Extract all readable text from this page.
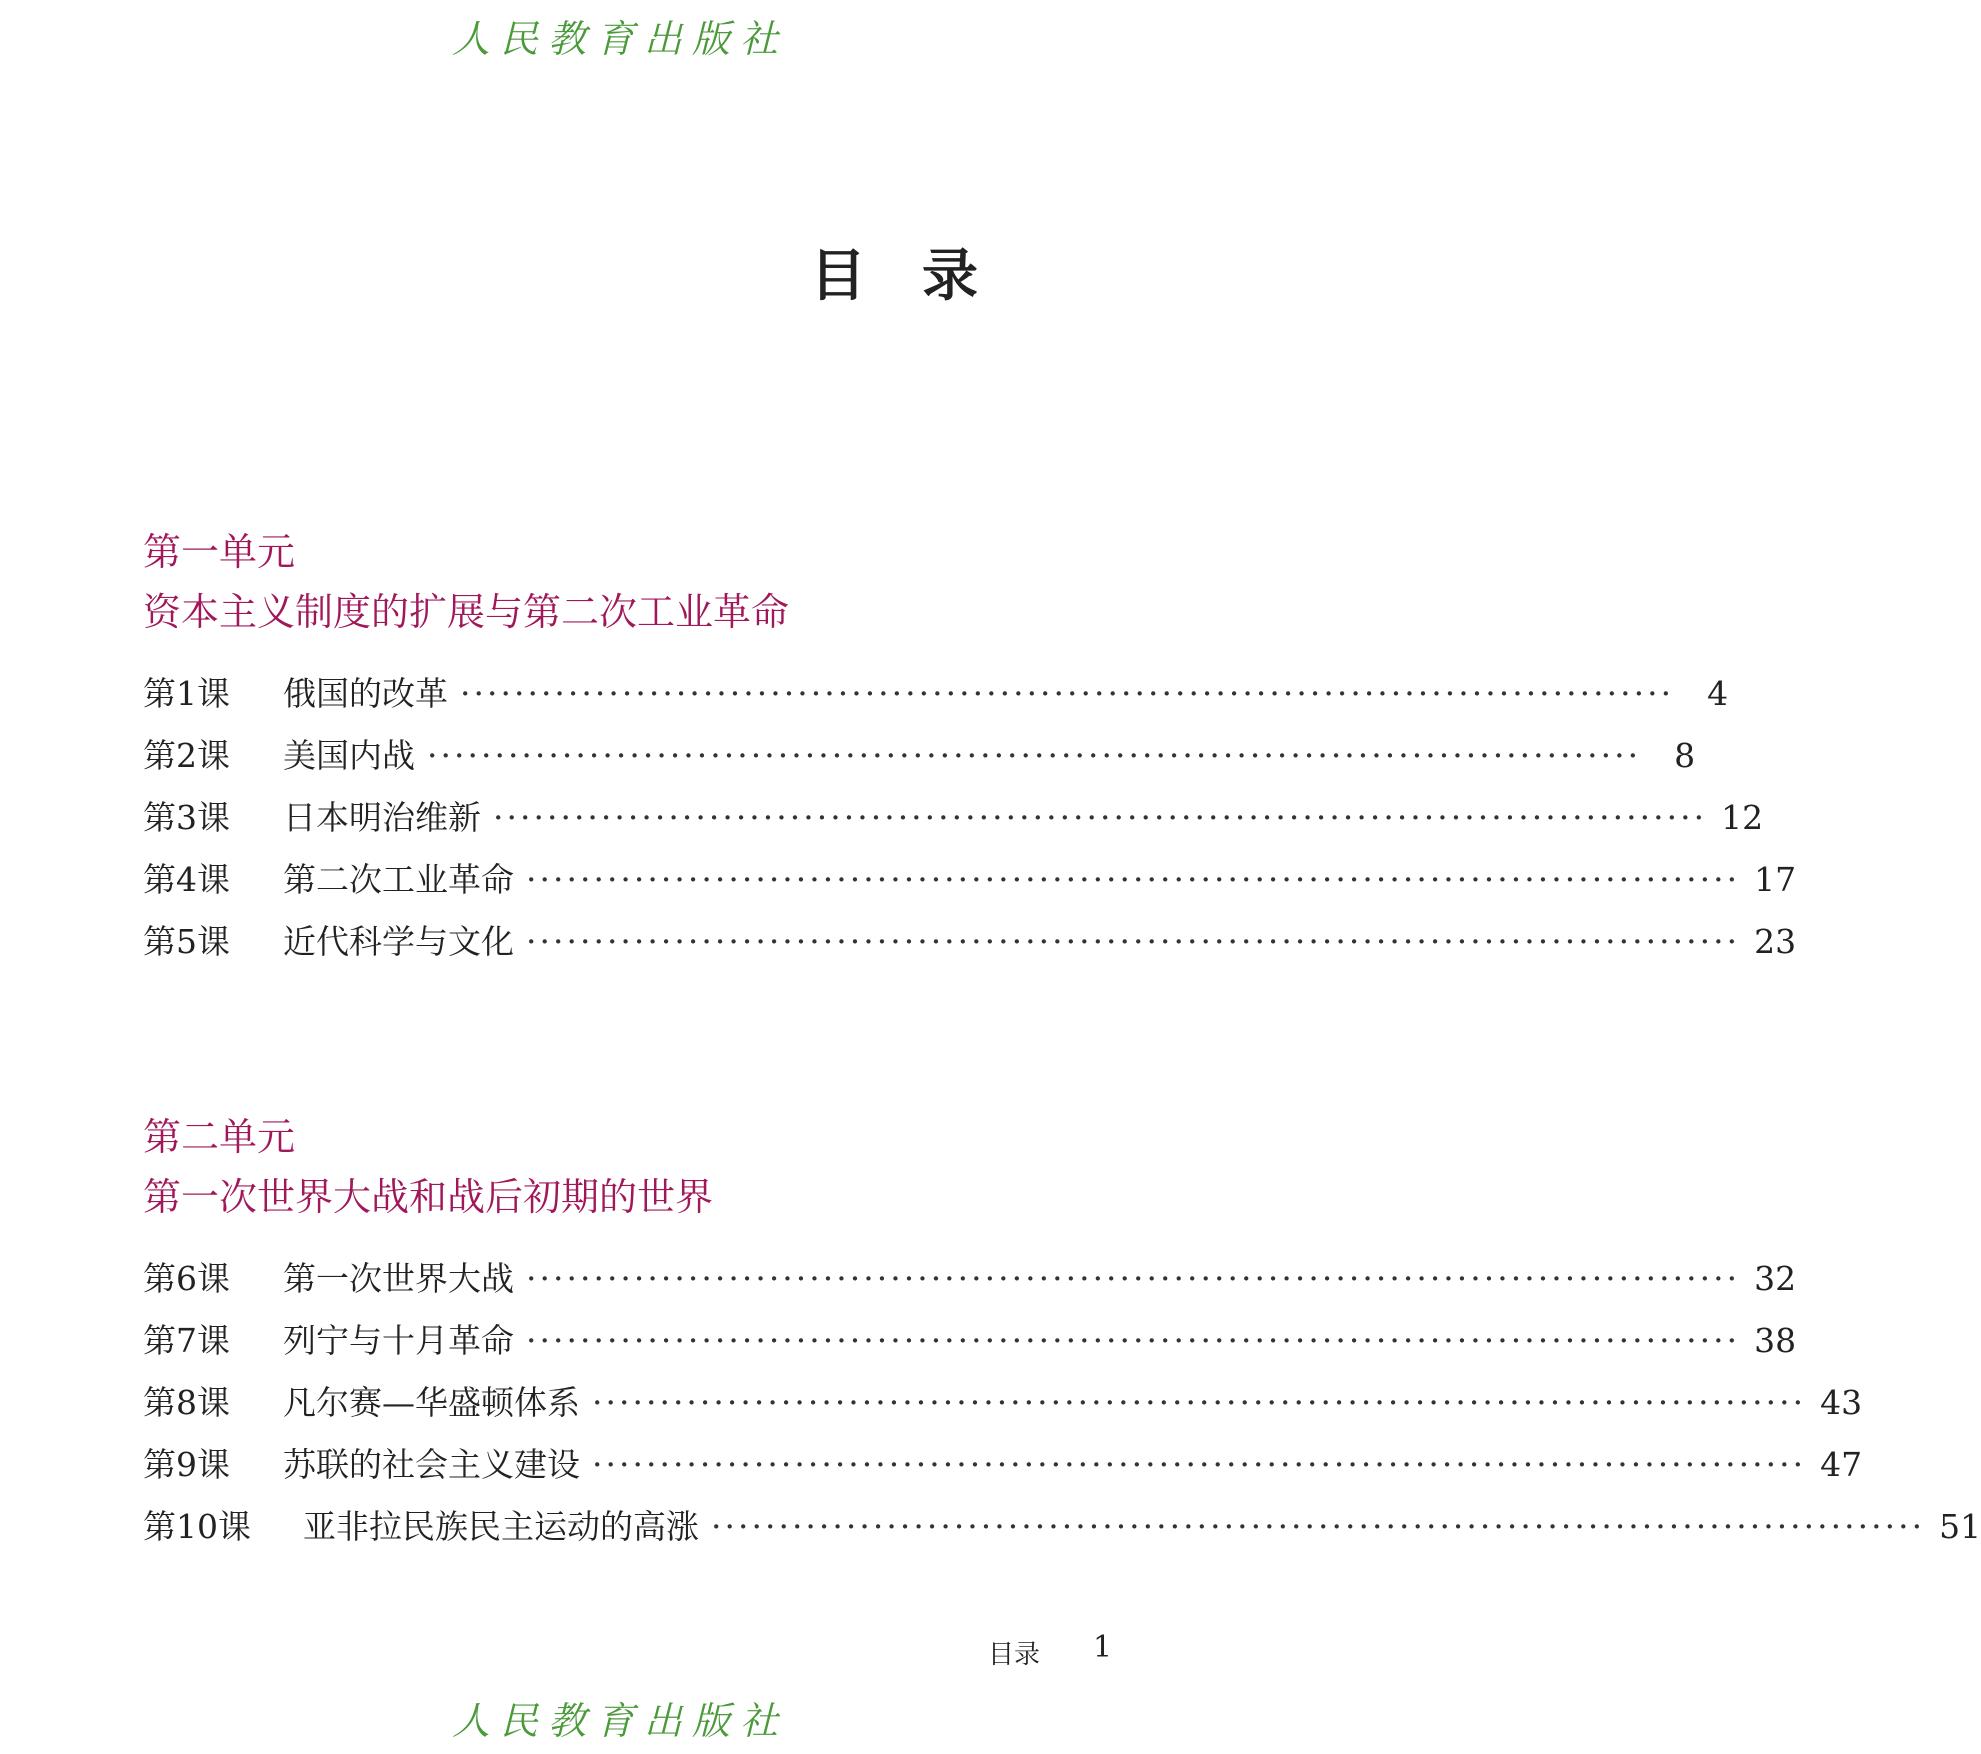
人民教育出版社
目 录
第一单元
资本主义制度的扩展与第二次工业革命
第1课	俄国的改革 ··························································································	4
第2课	美国内战 ··························································································	8
第3课	日本明治维新 ·························································································· 12
第4课	第二次工业革命 ·························································································· 17
第5课	近代科学与文化 ·························································································· 23
第二单元
第一次世界大战和战后初期的世界
第6课	第一次世界大战 ·························································································· 32
第7课	列宁与十月革命 ·························································································· 38
第8课	凡尔赛—华盛顿体系 ·························································································· 43
第9课	苏联的社会主义建设 ·························································································· 47
第10课	亚非拉民族民主运动的高涨 ·························································································· 51
目录 1
人民教育出版社
